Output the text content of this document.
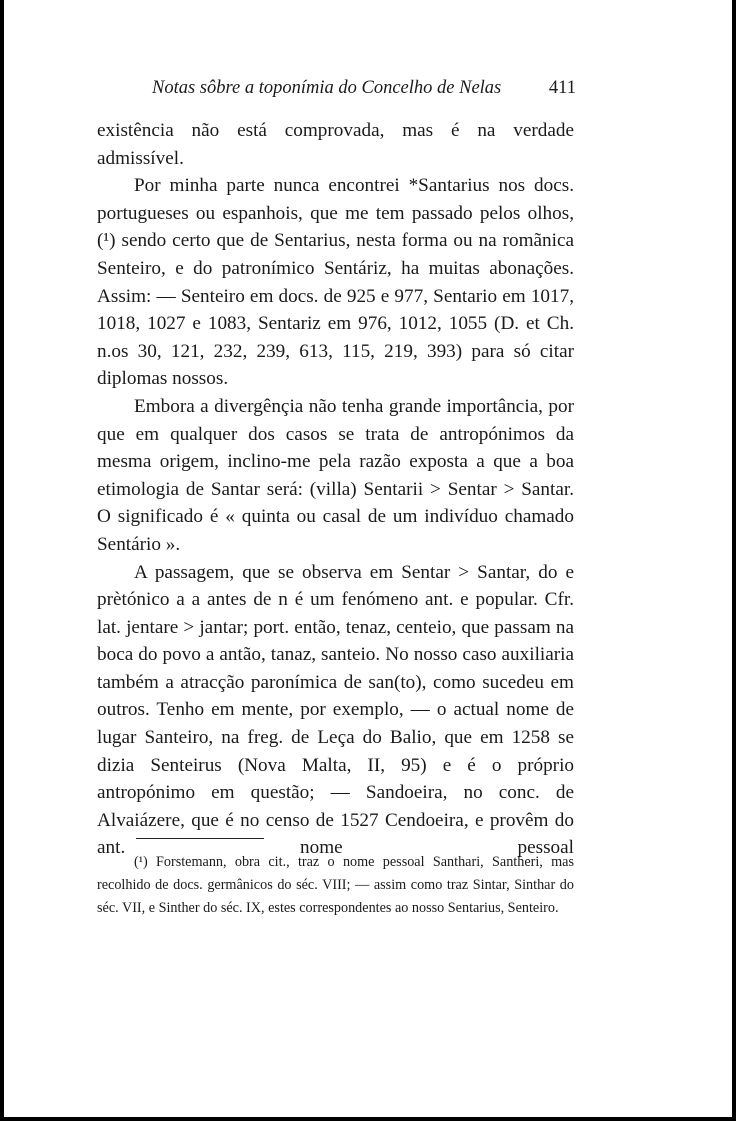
Notas sôbre a toponímia do Concelho de Nelas	411

existência não está comprovada, mas é na verdade admissível.

Por minha parte nunca encontrei *Santarius nos docs. portugueses ou espanhois, que me tem passado pelos olhos, (¹) sendo certo que de Sentarius, nesta forma ou na romãnica Senteiro, e do patronímico Sentáriz, ha muitas abonações. Assim: — Senteiro em docs. de 925 e 977, Sentario em 1017, 1018, 1027 e 1083, Sentariz em 976, 1012, 1055 (D. et Ch. n.os 30, 121, 232, 239, 613, 115, 219, 393) para só citar diplomas nossos.

Embora a divergênçia não tenha grande importância, por que em qualquer dos casos se trata de antropónimos da mesma origem, inclino-me pela razão exposta a que a boa etimologia de Santar será: (villa) Sentarii > Sentar > Santar. O significado é « quinta ou casal de um indivíduo chamado Sentário ».

A passagem, que se observa em Sentar > Santar, do e prètónico a a antes de n é um fenómeno ant. e popular. Cfr. lat. jentare > jantar; port. então, tenaz, centeio, que passam na boca do povo a antão, tanaz, santeio. No nosso caso auxiliaria também a atracção paronímica de san(to), como sucedeu em outros. Tenho em mente, por exemplo, — o actual nome de lugar Santeiro, na freg. de Leça do Balio, que em 1258 se dizia Senteirus (Nova Malta, II, 95) e é o próprio antropónimo em questão; — Sandoeira, no conc. de Alvaiázere, que é no censo de 1527 Cendoeira, e provêm do ant. nome pessoal

(¹) Forstemann, obra cit., traz o nome pessoal Santhari, Santheri, mas recolhido de docs. germânicos do séc. VIII; — assim como traz Sintar, Sinthar do séc. VII, e Sinther do séc. IX, estes correspondentes ao nosso Sentarius, Senteiro.
